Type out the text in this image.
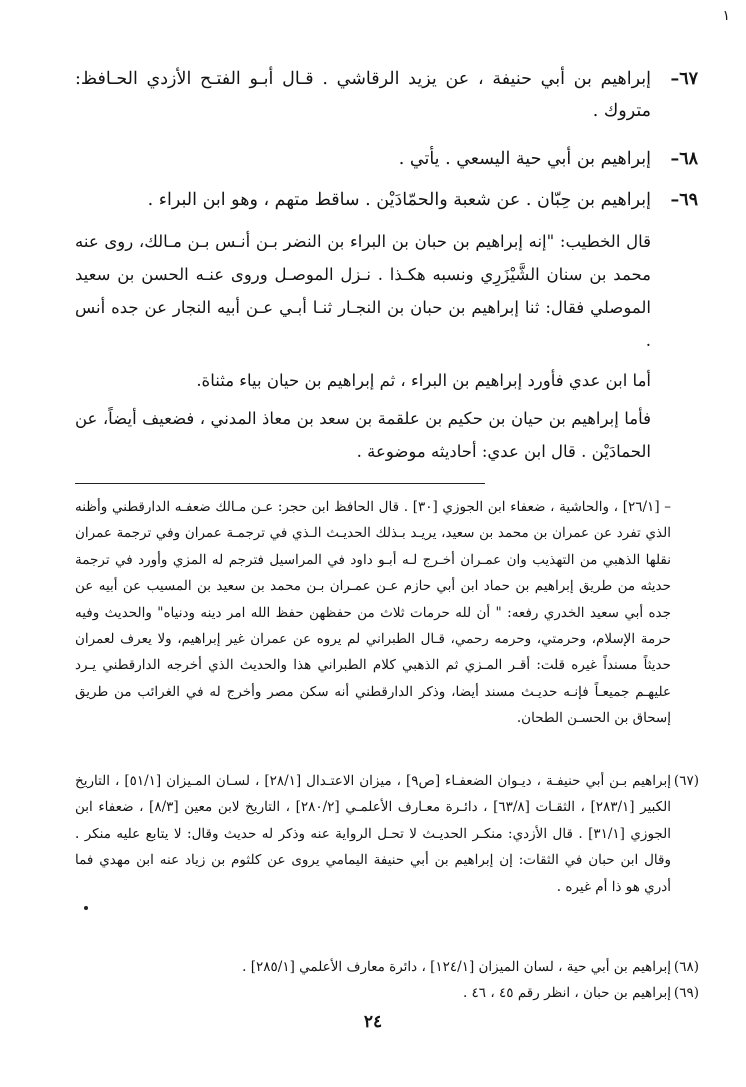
١

٦٧–
إبراهيم بن أبي حنيفة ، عن يزيد الرقاشي . قـال أبـو الفتـح الأزدي الحـافظ: متروك .

٦٨–
إبراهيم بن أبي حية اليسعي . يأتي .

٦٩–
إبراهيم بن حِبّان . عن شعبة والحمّادَيْن . ساقط متهم ، وهو ابن البراء .

قال الخطيب: "إنه إبراهيم بن حبان بن البراء بن النضر بـن أنـس بـن مـالك، روى عنه محمد بن سنان الشَّيْزَرِي ونسبه هكـذا . نـزل الموصـل وروى عنـه الحسن بن سعيد الموصلي فقال: ثنا إبراهيم بن حبان بن النجـار ثنـا أبـي عـن أبيه النجار عن جده أنس .

أما ابن عدي فأورد إبراهيم بن البراء ، ثم إبراهيم بن حيان بياء مثناة.

فأما إبراهيم بن حيان بن حكيم بن علقمة بن سعد بن معاذ المدني ، فضعيف أيضاً، عن الحمادَيْن . قال ابن عدي: أحاديثه موضوعة .

– [٢٦/١] ، والحاشية ، ضعفاء ابن الجوزي [٣٠] . قال الحافظ ابن حجر: عـن مـالك ضعفـه الدارقطني وأظنه الذي تفرد عن عمران بن محمد بن سعيد، يريـد بـذلك الحديـث الـذي في ترجمـة عمران وفي ترجمة عمران نقلها الذهبي من التهذيب وان عمـران أخـرج لـه أبـو داود في المراسيل فترجم له المزي وأورد في ترجمة حديثه من طريق إبراهيم بن حماد ابن أبي حازم عـن عمـران بـن محمد بن سعيد بن المسيب عن أبيه عن جده أبي سعيد الخدري رفعه: " أن لله حرمات ثلاث من حفظهن حفظ الله امر دينه ودنياه" والحديث وفيه حرمة الإسلام، وحرمتي، وحرمه رحمي، قـال الطبراني لم يروه عن عمران غير إبراهيم، ولا يعرف لعمران حديثاً مسنداً غيره قلت: أقـر المـزي ثم الذهبي كلام الطبراني هذا والحديث الذي أخرجه الدارقطني يـرد عليهـم جميعـاً فإنـه حديـث مسند أيضا، وذكر الدارقطني أنه سكن مصر وأخرج له في الغرائب من طريق إسحاق بن الحسـن الطحان.

(٦٧)
إبراهيم بـن أبي حنيفـة ، ديـوان الضعفـاء [ص٩] ، ميزان الاعتـدال [٢٨/١] ، لسـان المـيزان [٥١/١] ، التاريخ الكبير [٢٨٣/١] ، الثقـات [٦٣/٨] ، دائـرة معـارف الأعلمـي [٢٨٠/٢] ، التاريخ لابن معين [٨/٣] ، ضعفاء ابن الجوزي [٣١/١] . قال الأزدي: منكـر الحديـث لا تحـل الرواية عنه وذكر له حديث وقال: لا يتابع عليه منكر . وقال ابن حبان في الثقات: إن إبراهيم بن أبي حنيفة اليمامي يروى عن كلثوم بن زياد عنه ابن مهدي فما أدري هو ذا أم غيره .

(٦٨)
إبراهيم بن أبي حية ، لسان الميزان [١٢٤/١] ، دائرة معارف الأعلمي [٢٨٥/١] .

(٦٩)
إبراهيم بن حبان ، انظر رقم ٤٥ ، ٤٦ .

٢٤
